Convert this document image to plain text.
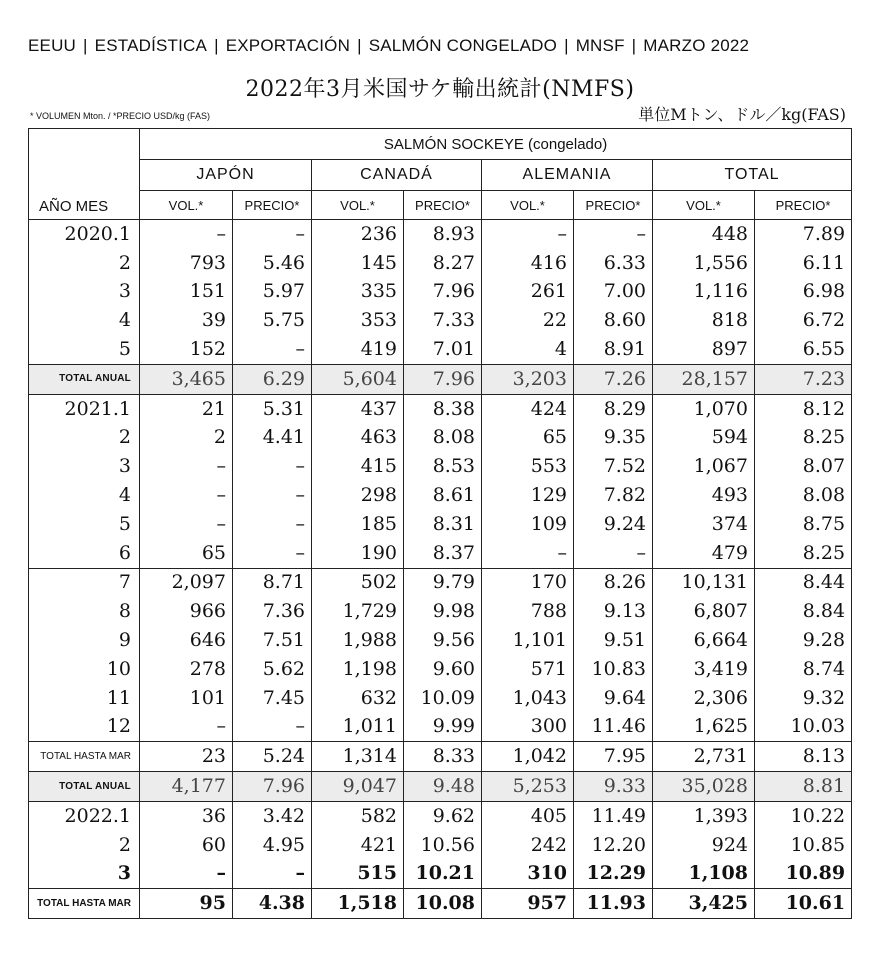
EEUU | ESTADÍSTICA | EXPORTACIÓN | SALMÓN CONGELADO | MNSF | MARZO 2022
2022年3月米国サケ輸出統計(NMFS)
* VOLUMEN Mton. / *PRECIO USD/kg (FAS)	単位Mトン、ドル／kg(FAS)
	SALMÓN SOCKEYE (congelado)							
	JAPÓN		CANADÁ		ALEMANIA		TOTAL	
AÑO MES	VOL.*	PRECIO*	VOL.*	PRECIO*	VOL.*	PRECIO*	VOL.*	PRECIO*
2020.1	–	–	236	8.93	–	–	448	7.89
2	793	5.46	145	8.27	416	6.33	1,556	6.11
3	151	5.97	335	7.96	261	7.00	1,116	6.98
4	39	5.75	353	7.33	22	8.60	818	6.72
5	152	–	419	7.01	4	8.91	897	6.55
TOTAL ANUAL	3,465	6.29	5,604	7.96	3,203	7.26	28,157	7.23
2021.1	21	5.31	437	8.38	424	8.29	1,070	8.12
2	2	4.41	463	8.08	65	9.35	594	8.25
3	–	–	415	8.53	553	7.52	1,067	8.07
4	–	–	298	8.61	129	7.82	493	8.08
5	–	–	185	8.31	109	9.24	374	8.75
6	65	–	190	8.37	–	–	479	8.25
7	2,097	8.71	502	9.79	170	8.26	10,131	8.44
8	966	7.36	1,729	9.98	788	9.13	6,807	8.84
9	646	7.51	1,988	9.56	1,101	9.51	6,664	9.28
10	278	5.62	1,198	9.60	571	10.83	3,419	8.74
11	101	7.45	632	10.09	1,043	9.64	2,306	9.32
12	–	–	1,011	9.99	300	11.46	1,625	10.03
TOTAL HASTA MAR	23	5.24	1,314	8.33	1,042	7.95	2,731	8.13
TOTAL ANUAL	4,177	7.96	9,047	9.48	5,253	9.33	35,028	8.81
2022.1	36	3.42	582	9.62	405	11.49	1,393	10.22
2	60	4.95	421	10.56	242	12.20	924	10.85
3	–	–	515	10.21	310	12.29	1,108	10.89
TOTAL HASTA MAR	95	4.38	1,518	10.08	957	11.93	3,425	10.61
